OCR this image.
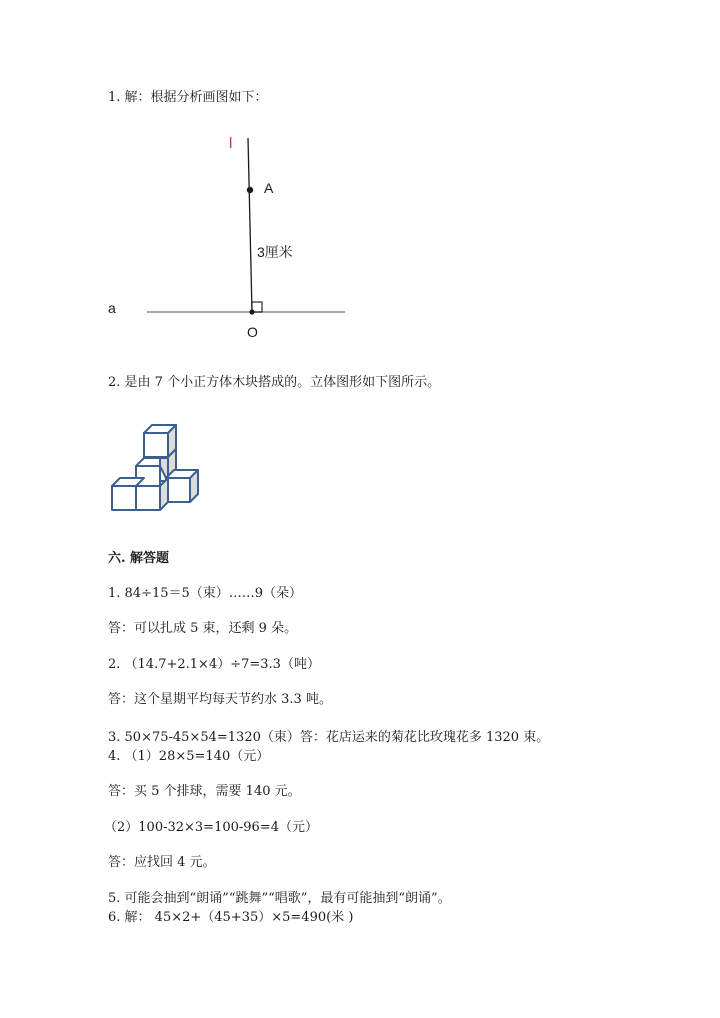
1. 解：根据分析画图如下：
l
A
3厘米
a
O
2. 是由 7 个小正方体木块搭成的。立体图形如下图所示。
六. 解答题
1. 84÷15＝5（束）……9（朵）
答：可以扎成 5 束，还剩 9 朵。
2. （14.7+2.1×4）÷7=3.3（吨）
答：这个星期平均每天节约水 3.3 吨。
3. 50×75-45×54=1320（束）答：花店运来的菊花比玫瑰花多 1320 束。
4. （1）28×5=140（元）
答：买 5 个排球，需要 140 元。
（2）100-32×3=100-96=4（元）
答：应找回 4 元。
5. 可能会抽到“朗诵”“跳舞”“唱歌”，最有可能抽到“朗诵”。
6. 解： 45×2+（45+35）×5=490(米 )
